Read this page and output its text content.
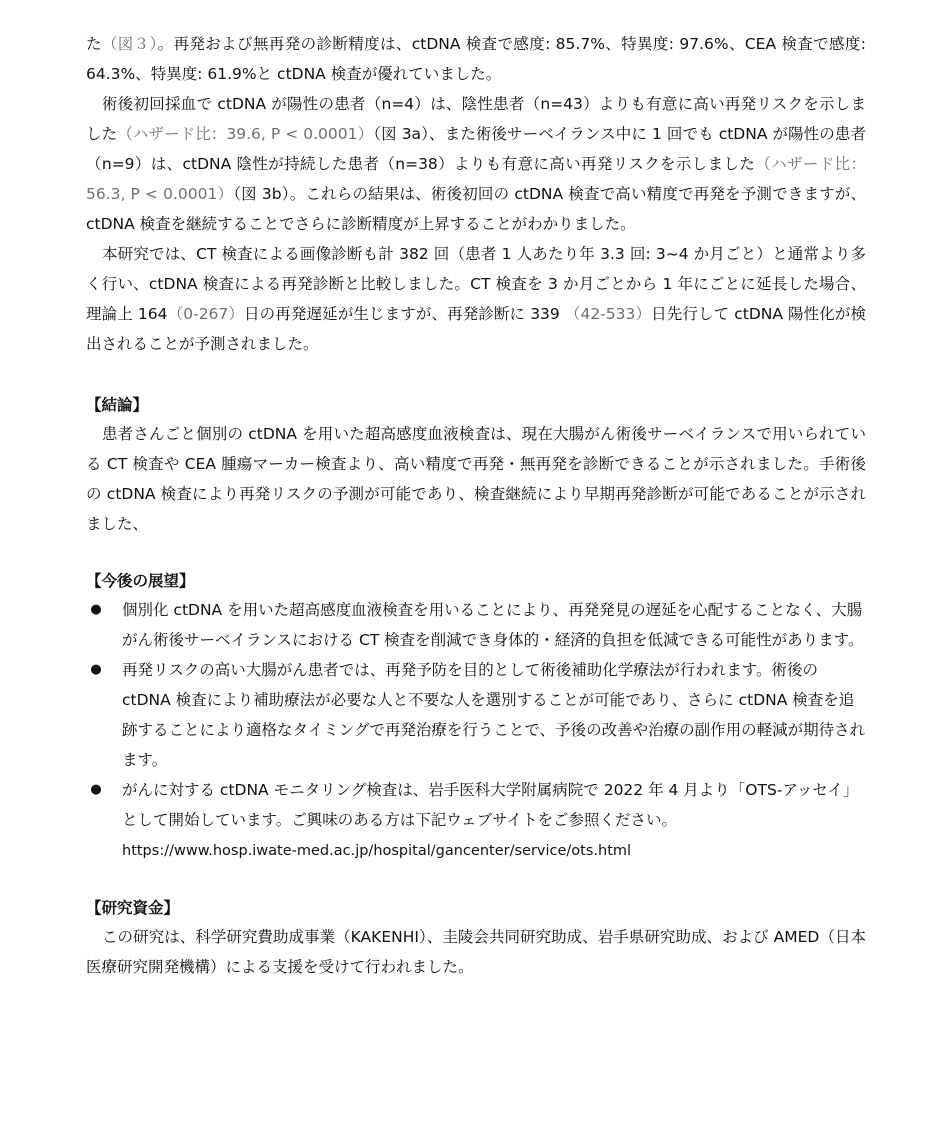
た（図３）。再発および無再発の診断精度は、ctDNA 検査で感度: 85.7%、特異度: 97.6%、CEA 検査で感度: 64.3%、特異度: 61.9%と ctDNA 検査が優れていました。

術後初回採血で ctDNA が陽性の患者（n=4）は、陰性患者（n=43）よりも有意に高い再発リスクを示しました（ハザード比：39.6, P < 0.0001）（図 3a）、また術後サーベイランス中に 1 回でも ctDNA が陽性の患者（n=9）は、ctDNA 陰性が持続した患者（n=38）よりも有意に高い再発リスクを示しました（ハザード比：56.3, P < 0.0001）（図 3b）。これらの結果は、術後初回の ctDNA 検査で高い精度で再発を予測できますが、ctDNA 検査を継続することでさらに診断精度が上昇することがわかりました。

本研究では、CT 検査による画像診断も計 382 回（患者 1 人あたり年 3.3 回: 3~4 か月ごと）と通常より多く行い、ctDNA 検査による再発診断と比較しました。CT 検査を 3 か月ごとから 1 年にごとに延長した場合、理論上 164（0-267）日の再発遅延が生じますが、再発診断に 339 （42-533）日先行して ctDNA 陽性化が検出されることが予測されました。

【結論】

患者さんごと個別の ctDNA を用いた超高感度血液検査は、現在大腸がん術後サーベイランスで用いられている CT 検査や CEA 腫瘍マーカー検査より、高い精度で再発・無再発を診断できることが示されました。手術後の ctDNA 検査により再発リスクの予測が可能であり、検査継続により早期再発診断が可能であることが示されました、

【今後の展望】
● 個別化 ctDNA を用いた超高感度血液検査を用いることにより、再発発見の遅延を心配することなく、大腸がん術後サーベイランスにおける CT 検査を削減でき身体的・経済的負担を低減できる可能性があります。
● 再発リスクの高い大腸がん患者では、再発予防を目的として術後補助化学療法が行われます。術後の ctDNA 検査により補助療法が必要な人と不要な人を選別することが可能であり、さらに ctDNA 検査を追跡することにより適格なタイミングで再発治療を行うことで、予後の改善や治療の副作用の軽減が期待されます。
● がんに対する ctDNA モニタリング検査は、岩手医科大学附属病院で 2022 年 4 月より「OTS-アッセイ」として開始しています。ご興味のある方は下記ウェブサイトをご参照ください。
https://www.hosp.iwate-med.ac.jp/hospital/gancenter/service/ots.html
【研究資金】

この研究は、科学研究費助成事業（KAKENHI）、圭陵会共同研究助成、岩手県研究助成、および AMED（日本医療研究開発機構）による支援を受けて行われました。
